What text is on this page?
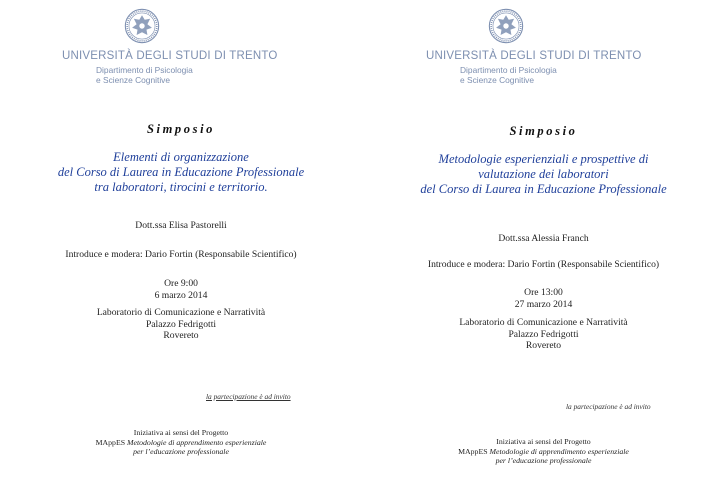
UNIVERSITÀ DEGLI STUDI DI TRENTO
Dipartimento di Psicologia
e Scienze Cognitive
Simposio
Elementi di organizzazione
del Corso di Laurea in Educazione Professionale
tra laboratori, tirocini e territorio.
Dott.ssa Elisa Pastorelli
Introduce e modera: Dario Fortin (Responsabile Scientifico)
Ore 9:00
6 marzo 2014
Laboratorio di Comunicazione e Narratività
Palazzo Fedrigotti
Rovereto
la partecipazione è ad invito
Iniziativa ai sensi del Progetto
MAppES Metodologie di apprendimento esperienziale
per l’educazione professionale
UNIVERSITÀ DEGLI STUDI DI TRENTO
Dipartimento di Psicologia
e Scienze Cognitive
Simposio
Metodologie esperienziali e prospettive di
valutazione dei laboratori
del Corso di Laurea in Educazione Professionale
Dott.ssa Alessia Franch
Introduce e modera: Dario Fortin (Responsabile Scientifico)
Ore 13:00
27 marzo 2014
Laboratorio di Comunicazione e Narratività
Palazzo Fedrigotti
Rovereto
la partecipazione è ad invito
Iniziativa ai sensi del Progetto
MAppES Metodologie di apprendimento esperienziale
per l’educazione professionale
